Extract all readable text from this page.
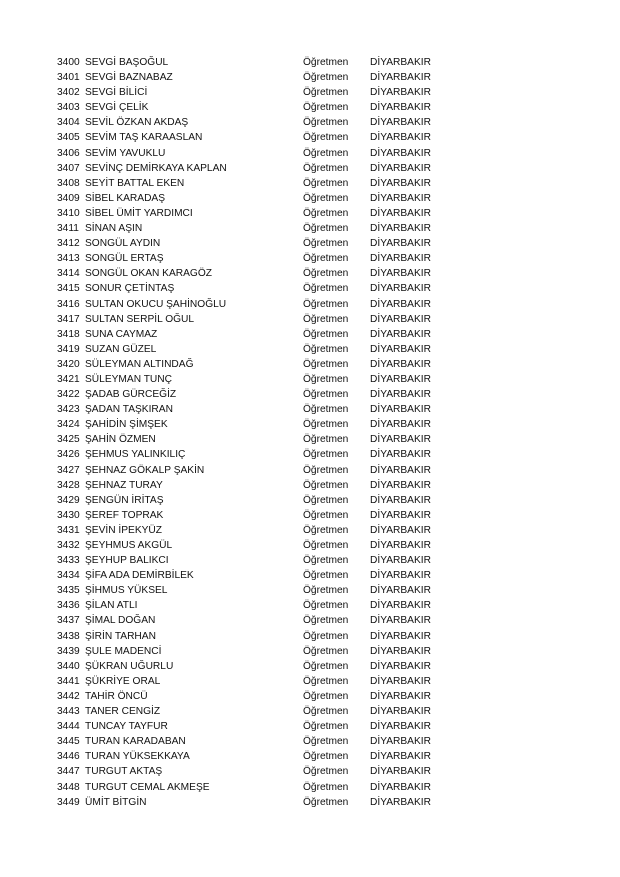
3400 SEVGİ BAŞOĞUL	Öğretmen DİYARBAKIR
3401 SEVGİ BAZNABAZ	Öğretmen DİYARBAKIR
3402 SEVGİ BİLİCİ	Öğretmen DİYARBAKIR
3403 SEVGİ ÇELİK	Öğretmen DİYARBAKIR
3404 SEVİL ÖZKAN AKDAŞ	Öğretmen DİYARBAKIR
3405 SEVİM TAŞ KARAASLAN	Öğretmen DİYARBAKIR
3406 SEVİM YAVUKLU	Öğretmen DİYARBAKIR
3407 SEVİNÇ DEMİRKAYA KAPLAN	Öğretmen DİYARBAKIR
3408 SEYİT BATTAL EKEN	Öğretmen DİYARBAKIR
3409 SİBEL KARADAŞ	Öğretmen DİYARBAKIR
3410 SİBEL ÜMİT YARDIMCI	Öğretmen DİYARBAKIR
3411 SİNAN AŞIN	Öğretmen DİYARBAKIR
3412 SONGÜL AYDIN	Öğretmen DİYARBAKIR
3413 SONGÜL ERTAŞ	Öğretmen DİYARBAKIR
3414 SONGÜL OKAN KARAGÖZ	Öğretmen DİYARBAKIR
3415 SONUR ÇETİNTAŞ	Öğretmen DİYARBAKIR
3416 SULTAN OKUCU ŞAHİNOĞLU	Öğretmen DİYARBAKIR
3417 SULTAN SERPİL OĞUL	Öğretmen DİYARBAKIR
3418 SUNA CAYMAZ	Öğretmen DİYARBAKIR
3419 SUZAN GÜZEL	Öğretmen DİYARBAKIR
3420 SÜLEYMAN ALTINDAĞ	Öğretmen DİYARBAKIR
3421 SÜLEYMAN TUNÇ	Öğretmen DİYARBAKIR
3422 ŞADAB GÜRCEĞİZ	Öğretmen DİYARBAKIR
3423 ŞADAN TAŞKIRAN	Öğretmen DİYARBAKIR
3424 ŞAHİDİN ŞİMŞEK	Öğretmen DİYARBAKIR
3425 ŞAHİN ÖZMEN	Öğretmen DİYARBAKIR
3426 ŞEHMUS YALINKILIÇ	Öğretmen DİYARBAKIR
3427 ŞEHNAZ GÖKALP ŞAKİN	Öğretmen DİYARBAKIR
3428 ŞEHNAZ TURAY	Öğretmen DİYARBAKIR
3429 ŞENGÜN İRİTAŞ	Öğretmen DİYARBAKIR
3430 ŞEREF TOPRAK	Öğretmen DİYARBAKIR
3431 ŞEVİN İPEKYÜZ	Öğretmen DİYARBAKIR
3432 ŞEYHMUS AKGÜL	Öğretmen DİYARBAKIR
3433 ŞEYHUP BALIKCI	Öğretmen DİYARBAKIR
3434 ŞİFA ADA DEMİRBİLEK	Öğretmen DİYARBAKIR
3435 ŞİHMUS YÜKSEL	Öğretmen DİYARBAKIR
3436 ŞİLAN ATLI	Öğretmen DİYARBAKIR
3437 ŞİMAL DOĞAN	Öğretmen DİYARBAKIR
3438 ŞİRİN TARHAN	Öğretmen DİYARBAKIR
3439 ŞULE MADENCİ	Öğretmen DİYARBAKIR
3440 ŞÜKRAN UĞURLU	Öğretmen DİYARBAKIR
3441 ŞÜKRİYE ORAL	Öğretmen DİYARBAKIR
3442 TAHİR ÖNCÜ	Öğretmen DİYARBAKIR
3443 TANER CENGİZ	Öğretmen DİYARBAKIR
3444 TUNCAY TAYFUR	Öğretmen DİYARBAKIR
3445 TURAN KARADABAN	Öğretmen DİYARBAKIR
3446 TURAN YÜKSEKKAYA	Öğretmen DİYARBAKIR
3447 TURGUT AKTAŞ	Öğretmen DİYARBAKIR
3448 TURGUT CEMAL AKMEŞE	Öğretmen DİYARBAKIR
3449 ÜMİT BİTGİN	Öğretmen DİYARBAKIR
